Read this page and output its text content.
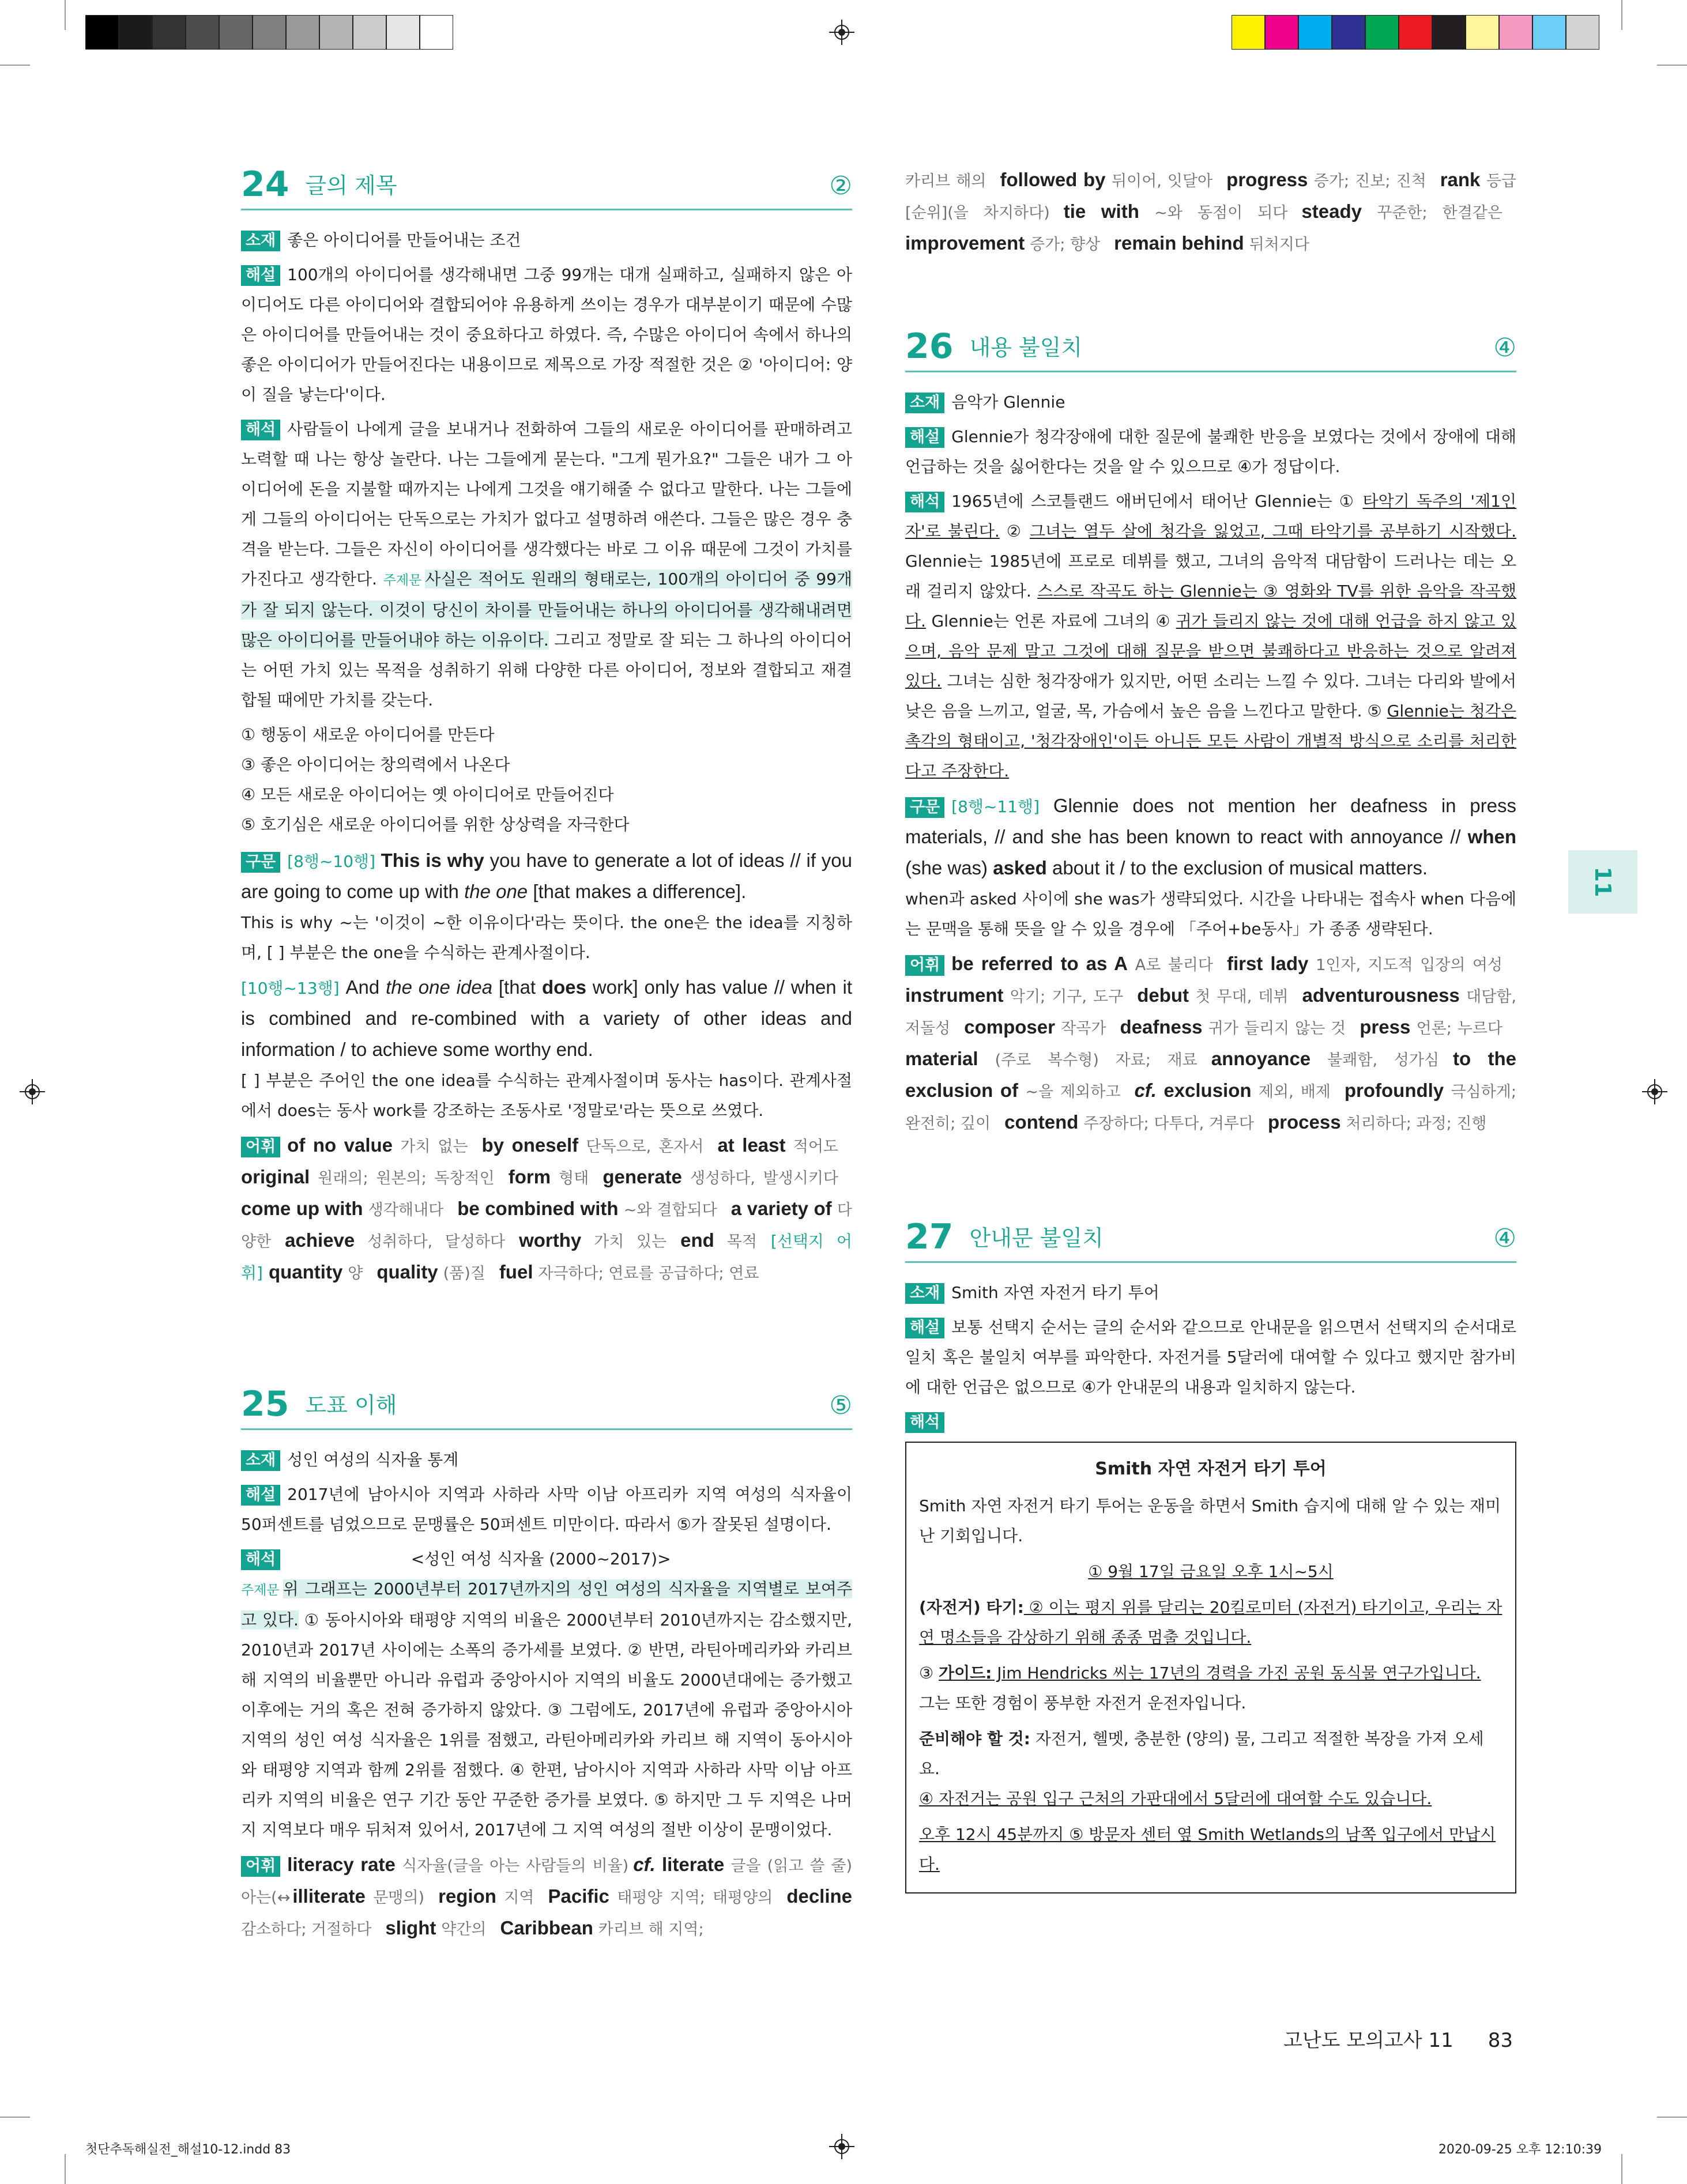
24 글의 제목	②

소재 좋은 아이디어를 만들어내는 조건

해설 100개의 아이디어를 생각해내면 그중 99개는 대개 실패하고, 실패하지 않은 아이디어도 다른 아이디어와 결합되어야 유용하게 쓰이는 경우가 대부분이기 때문에 수많은 아이디어를 만들어내는 것이 중요하다고 하였다. 즉, 수많은 아이디어 속에서 하나의 좋은 아이디어가 만들어진다는 내용이므로 제목으로 가장 적절한 것은 ② '아이디어: 양이 질을 낳는다'이다.

해석 사람들이 나에게 글을 보내거나 전화하여 그들의 새로운 아이디어를 판매하려고 노력할 때 나는 항상 놀란다. 나는 그들에게 묻는다. "그게 뭔가요?" 그들은 내가 그 아이디어에 돈을 지불할 때까지는 나에게 그것을 얘기해줄 수 없다고 말한다. 나는 그들에게 그들의 아이디어는 단독으로는 가치가 없다고 설명하려 애쓴다. 그들은 많은 경우 충격을 받는다. 그들은 자신이 아이디어를 생각했다는 바로 그 이유 때문에 그것이 가치를 가진다고 생각한다. 주제문 사실은 적어도 원래의 형태로는, 100개의 아이디어 중 99개가 잘 되지 않는다. 이것이 당신이 차이를 만들어내는 하나의 아이디어를 생각해내려면 많은 아이디어를 만들어내야 하는 이유이다. 그리고 정말로 잘 되는 그 하나의 아이디어는 어떤 가치 있는 목적을 성취하기 위해 다양한 다른 아이디어, 정보와 결합되고 재결합될 때에만 가치를 갖는다.

① 행동이 새로운 아이디어를 만든다
③ 좋은 아이디어는 창의력에서 나온다
④ 모든 새로운 아이디어는 옛 아이디어로 만들어진다
⑤ 호기심은 새로운 아이디어를 위한 상상력을 자극한다

구문 [8행~10행] This is why you have to generate a lot of ideas // if you are going to come up with the one [that makes a difference].
This is why ~는 '이것이 ~한 이유이다'라는 뜻이다. the one은 the idea를 지칭하며, [ ] 부분은 the one을 수식하는 관계사절이다.

[10행~13행] And the one idea [that does work] only has value // when it is combined and re-combined with a variety of other ideas and information / to achieve some worthy end.
[ ] 부분은 주어인 the one idea를 수식하는 관계사절이며 동사는 has이다. 관계사절에서 does는 동사 work를 강조하는 조동사로 '정말로'라는 뜻으로 쓰였다.

어휘 of no value 가치 없는 by oneself 단독으로, 혼자서 at least 적어도original 원래의; 원본의; 독창적인 form 형태 generate 생성하다, 발생시키다come up with 생각해내다 be combined with ~와 결합되다 a variety of 다양한 achieve 성취하다, 달성하다 worthy 가치 있는 end 목적 [선택지 어휘] quantity 양 quality (품)질 fuel 자극하다; 연료를 공급하다; 연료
25 도표 이해	⑤

소재 성인 여성의 식자율 통계

해설 2017년에 남아시아 지역과 사하라 사막 이남 아프리카 지역 여성의 식자율이 50퍼센트를 넘었으므로 문맹률은 50퍼센트 미만이다. 따라서 ⑤가 잘못된 설명이다.

해석	<성인 여성 식자율 (2000~2017)>

주제문 위 그래프는 2000년부터 2017년까지의 성인 여성의 식자율을 지역별로 보여주고 있다. ① 동아시아와 태평양 지역의 비율은 2000년부터 2010년까지는 감소했지만, 2010년과 2017년 사이에는 소폭의 증가세를 보였다. ② 반면, 라틴아메리카와 카리브 해 지역의 비율뿐만 아니라 유럽과 중앙아시아 지역의 비율도 2000년대에는 증가했고 이후에는 거의 혹은 전혀 증가하지 않았다. ③ 그럼에도, 2017년에 유럽과 중앙아시아 지역의 성인 여성 식자율은 1위를 점했고, 라틴아메리카와 카리브 해 지역이 동아시아와 태평양 지역과 함께 2위를 점했다. ④ 한편, 남아시아 지역과 사하라 사막 이남 아프리카 지역의 비율은 연구 기간 동안 꾸준한 증가를 보였다. ⑤ 하지만 그 두 지역은 나머지 지역보다 매우 뒤처져 있어서, 2017년에 그 지역 여성의 절반 이상이 문맹이었다.

어휘 literacy rate 식자율(글을 아는 사람들의 비율) cf. literate 글을 (읽고 쓸 줄) 아는(↔ illiterate 문맹의) region 지역 Pacific 태평양 지역; 태평양의 decline 감소하다; 거절하다 slight 약간의 Caribbean 카리브 해 지역;
카리브 해의 followed by 뒤이어, 잇달아 progress 증가; 진보; 진척 rank 등급[순위](을 차지하다) tie with ~와 동점이 되다 steady 꾸준한; 한결같은improvement 증가; 향상 remain behind 뒤처지다
26 내용 불일치	④

소재 음악가 Glennie

해설 Glennie가 청각장애에 대한 질문에 불쾌한 반응을 보였다는 것에서 장애에 대해 언급하는 것을 싫어한다는 것을 알 수 있으므로 ④가 정답이다.

해석 1965년에 스코틀랜드 애버딘에서 태어난 Glennie는 ① 타악기 독주의 '제1인자'로 불린다. ② 그녀는 열두 살에 청각을 잃었고, 그때 타악기를 공부하기 시작했다. Glennie는 1985년에 프로로 데뷔를 했고, 그녀의 음악적 대담함이 드러나는 데는 오래 걸리지 않았다. 스스로 작곡도 하는 Glennie는 ③ 영화와 TV를 위한 음악을 작곡했다. Glennie는 언론 자료에 그녀의 ④ 귀가 들리지 않는 것에 대해 언급을 하지 않고 있으며, 음악 문제 말고 그것에 대해 질문을 받으면 불쾌하다고 반응하는 것으로 알려져 있다. 그녀는 심한 청각장애가 있지만, 어떤 소리는 느낄 수 있다. 그녀는 다리와 발에서 낮은 음을 느끼고, 얼굴, 목, 가슴에서 높은 음을 느낀다고 말한다. ⑤ Glennie는 청각은 촉각의 형태이고, '청각장애인'이든 아니든 모든 사람이 개별적 방식으로 소리를 처리한다고 주장한다.

구문 [8행~11행] Glennie does not mention her deafness in press materials, // and she has been known to react with annoyance // when (she was) asked about it / to the exclusion of musical matters.
when과 asked 사이에 she was가 생략되었다. 시간을 나타내는 접속사 when 다음에는 문맥을 통해 뜻을 알 수 있을 경우에 「주어+be동사」가 종종 생략된다.

어휘 be referred to as A A로 불리다 first lady 1인자, 지도적 입장의 여성instrument 악기; 기구, 도구 debut 첫 무대, 데뷔 adventurousness 대담함, 저돌성 composer 작곡가 deafness 귀가 들리지 않는 것 press 언론; 누르다material (주로 복수형) 자료; 재료 annoyance 불쾌함, 성가심 to the exclusion of ~을 제외하고 cf. exclusion 제외, 배제 profoundly 극심하게; 완전히; 깊이 contend 주장하다; 다투다, 겨루다 process 처리하다; 과정; 진행
27 안내문 불일치	④

소재 Smith 자연 자전거 타기 투어

해설 보통 선택지 순서는 글의 순서와 같으므로 안내문을 읽으면서 선택지의 순서대로 일치 혹은 불일치 여부를 파악한다. 자전거를 5달러에 대여할 수 있다고 했지만 참가비에 대한 언급은 없으므로 ④가 안내문의 내용과 일치하지 않는다.

해석

Smith 자연 자전거 타기 투어

Smith 자연 자전거 타기 투어는 운동을 하면서 Smith 습지에 대해 알 수 있는 재미난 기회입니다.

① 9월 17일 금요일 오후 1시~5시

(자전거) 타기: ② 이는 평지 위를 달리는 20킬로미터 (자전거) 타기이고, 우리는 자연 명소들을 감상하기 위해 종종 멈출 것입니다.

③ 가이드: Jim Hendricks 씨는 17년의 경력을 가진 공원 동식물 연구가입니다.
그는 또한 경험이 풍부한 자전거 운전자입니다.

준비해야 할 것: 자전거, 헬멧, 충분한 (양의) 물, 그리고 적절한 복장을 가져 오세요.
④ 자전거는 공원 입구 근처의 가판대에서 5달러에 대여할 수도 있습니다.

오후 12시 45분까지 ⑤ 방문자 센터 옆 Smith Wetlands의 남쪽 입구에서 만납시다.

11
고난도 모의고사 11 83
첫단추독해실전_해설10-12.indd 83	2020-09-25 오후 12:10:39
